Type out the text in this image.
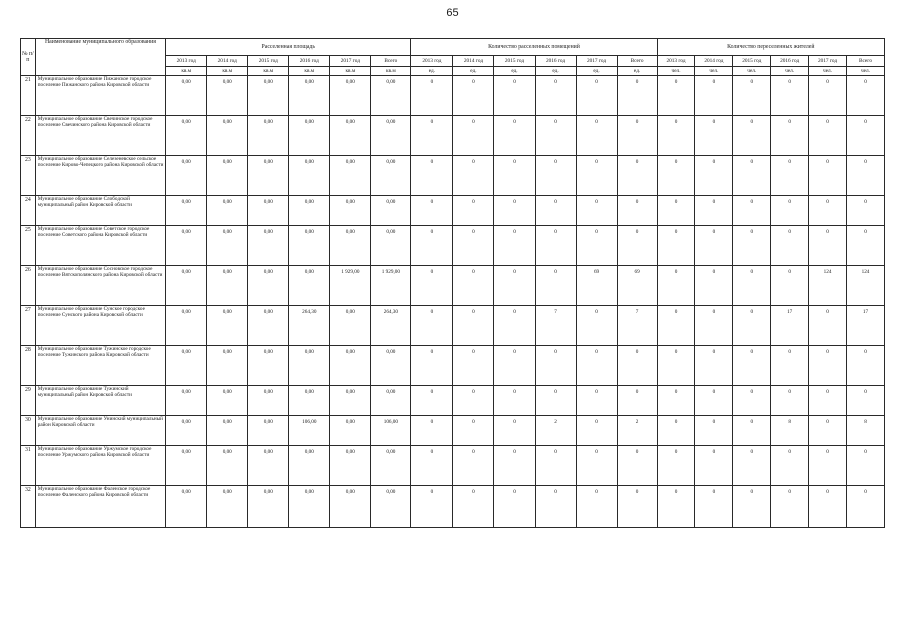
65
№ п/п	Наименование муниципального образования	Расселенная площадь						Количество расселенных помещений						Количество переселенных жителей					
		2013 год	2014 год	2015 год	2016 год	2017 год	Всего	2013 год	2014 год	2015 год	2016 год	2017 год	Всего	2013 год	2014 год	2015 год	2016 год	2017 год	Всего
		кв.м	кв.м	кв.м	кв.м	кв.м	кв.м	ед.	ед.	ед.	ед.	ед.	ед.	чел.	чел.	чел.	чел.	чел.	чел.
21	Муниципальное образование Пижанское городское поселение Пижанского района Кировской области	0,00	0,00	0,00	0,00	0,00	0,00	0	0	0	0	0	0	0	0	0	0	0	0
22	Муниципальное образование Свечинское городское поселение Свечинского района Кировской области	0,00	0,00	0,00	0,00	0,00	0,00	0	0	0	0	0	0	0	0	0	0	0	0
23	Муниципальное образование Селезеневское сельское поселение Кирово-Чепецкого района Кировской области	0,00	0,00	0,00	0,00	0,00	0,00	0	0	0	0	0	0	0	0	0	0	0	0
24	Муниципальное образование Слободской муниципальный район Кировской области	0,00	0,00	0,00	0,00	0,00	0,00	0	0	0	0	0	0	0	0	0	0	0	0
25	Муниципальное образование Советское городское поселение Советского района Кировской области	0,00	0,00	0,00	0,00	0,00	0,00	0	0	0	0	0	0	0	0	0	0	0	0
26	Муниципальное образование Сосновское городское поселение Вятскополянского района Кировской области	0,00	0,00	0,00	0,00	1 929,00	1 929,00	0	0	0	0	69	69	0	0	0	0	124	124
27	Муниципальное образование Сунское городское поселение Сунского района Кировской области	0,00	0,00	0,00	264,30	0,00	264,30	0	0	0	7	0	7	0	0	0	17	0	17
28	Муниципальное образование Тужинское городское поселение Тужинского района Кировской области	0,00	0,00	0,00	0,00	0,00	0,00	0	0	0	0	0	0	0	0	0	0	0	0
29	Муниципальное образование Тужинский муниципальный район Кировской области	0,00	0,00	0,00	0,00	0,00	0,00	0	0	0	0	0	0	0	0	0	0	0	0
30	Муниципальное образование Унинский муниципальный район Кировской области	0,00	0,00	0,00	106,00	0,00	106,00	0	0	0	2	0	2	0	0	0	8	0	8
31	Муниципальное образование Уржумское городское поселение Уржумского района Кировской области	0,00	0,00	0,00	0,00	0,00	0,00	0	0	0	0	0	0	0	0	0	0	0	0
32	Муниципальное образование Фаленское городское поселение Фаленского района Кировской области	0,00	0,00	0,00	0,00	0,00	0,00	0	0	0	0	0	0	0	0	0	0	0	0
